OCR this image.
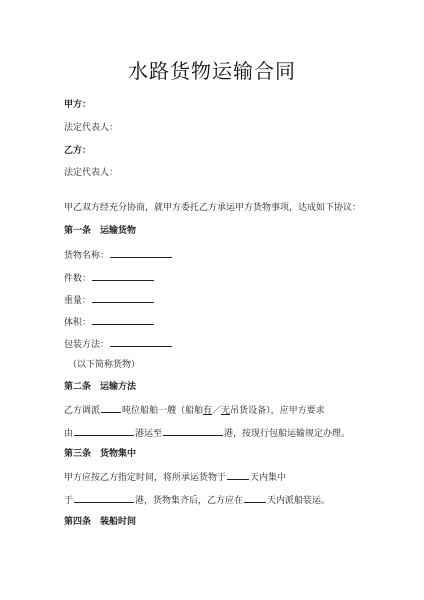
水路货物运输合同
甲方：
法定代表人：
乙方：
法定代表人：
甲乙双方经充分协商，就甲方委托乙方承运甲方货物事项，达成如下协议：
第一条　运输货物
货物名称：
件数：
重量：
体积：
包装方法：
（以下简称货物）
第二条　运输方法
乙方调派 吨位船舶一艘（船舶有／无吊货设备），应甲方要求
由	港运至	港，按现行包船运输规定办理。
第三条　货物集中
甲方应按乙方指定时间，将所承运货物于	天内集中
于	港，货物集齐后，乙方应在	天内派船装运。
第四条　装船时间
